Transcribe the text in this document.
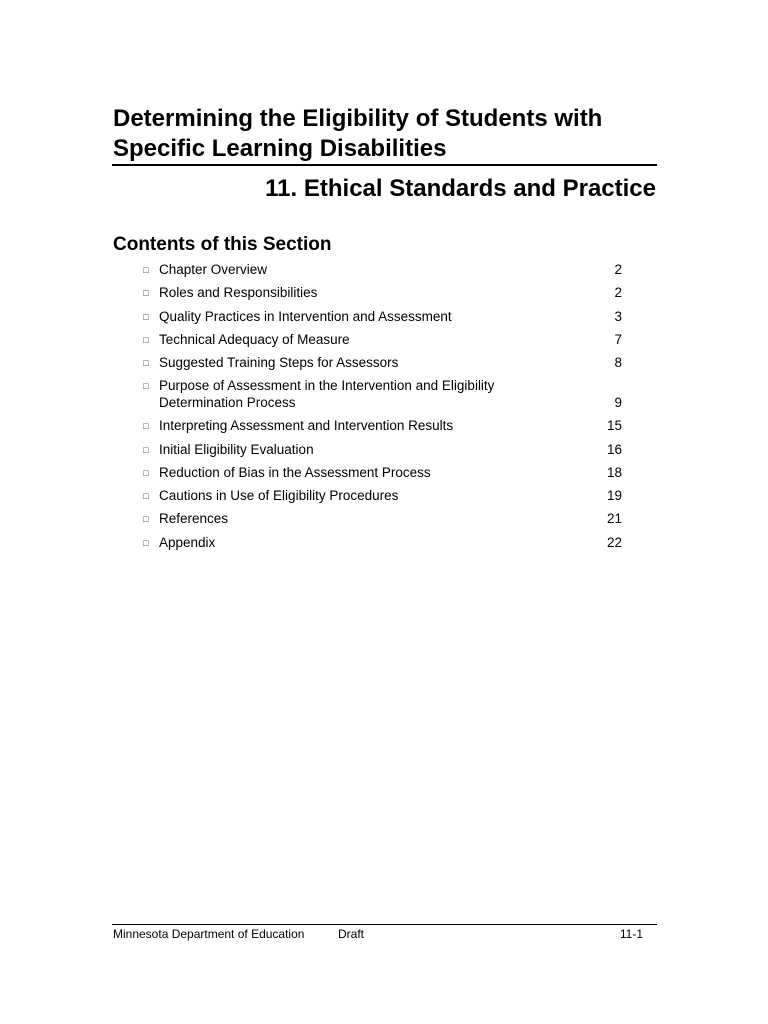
Determining the Eligibility of Students with
Specific Learning Disabilities
11. Ethical Standards and Practice
Contents of this Section
□ Chapter Overview	2
□ Roles and Responsibilities	2
□ Quality Practices in Intervention and Assessment	3
□ Technical Adequacy of Measure	7
□ Suggested Training Steps for Assessors	8
□ Purpose of Assessment in the Intervention and Eligibility
Determination Process	9
□ Interpreting Assessment and Intervention Results	15
□ Initial Eligibility Evaluation	16
□ Reduction of Bias in the Assessment Process	18
□ Cautions in Use of Eligibility Procedures	19
□ References	21
□ Appendix	22
Minnesota Department of Education	Draft	11-1
